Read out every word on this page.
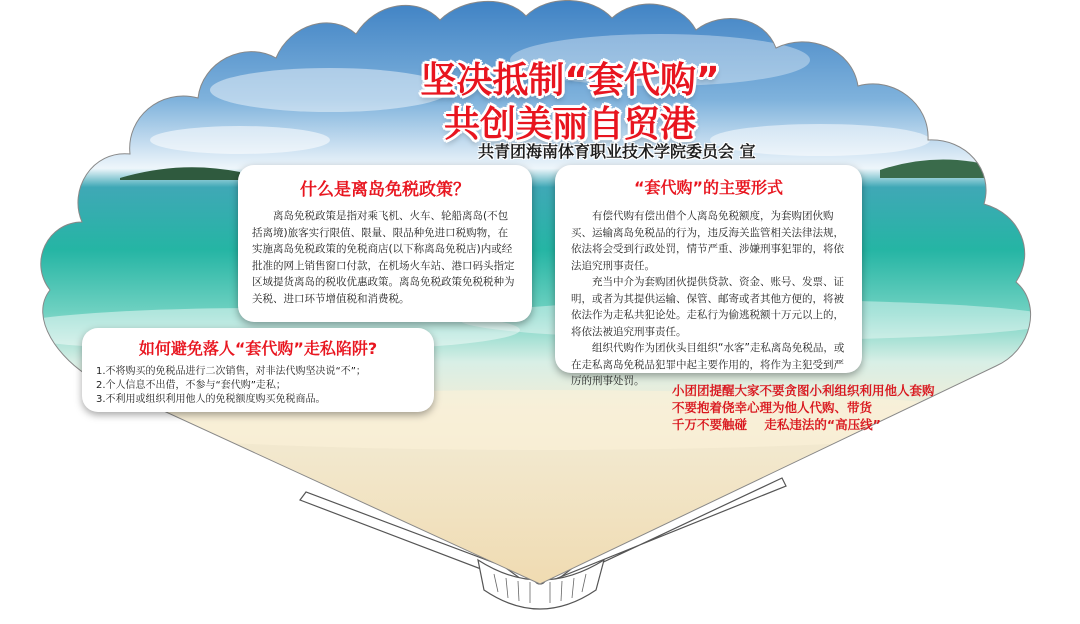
坚决抵制“套代购”
共创美丽自贸港
共青团海南体育职业技术学院委员会 宣
什么是离岛免税政策？

离岛免税政策是指对乘飞机、火车、轮船离岛(不包括离境)旅客实行限值、限量、限品种免进口税购物，在实施离岛免税政策的免税商店(以下称离岛免税店)内或经批准的网上销售窗口付款，在机场火车站、港口码头指定区域提货离岛的税收优惠政策。离岛免税政策免税税种为关税、进口环节增值税和消费税。

“套代购”的主要形式

有偿代购有偿出借个人离岛免税额度，为套购团伙购买、运输离岛免税品的行为，违反海关监管相关法律法规，依法将会受到行政处罚，情节严重、涉嫌刑事犯罪的，将依法追究刑事责任。

充当中介为套购团伙提供贷款、资金、账号、发票、证明，或者为其提供运输、保管、邮寄或者其他方便的，将被依法作为走私共犯论处。走私行为偷逃税额十万元以上的，将依法被追究刑事责任。

组织代购作为团伙头目组织“水客”走私离岛免税品，或在走私离岛免税品犯罪中起主要作用的，将作为主犯受到严厉的刑事处罚。

如何避免落人“套代购”走私陷阱?

1.不将购买的免税品进行二次销售，对非法代购坚决说“不”；

2.个人信息不出借，不参与“套代购”走私；

3.不利用或组织利用他人的免税额度购买免税商品。

小团团提醒大家不要贪图小利组织利用他人套购
不要抱着侥幸心理为他人代购、带货
千万不要触碰    走私违法的“高压线”
